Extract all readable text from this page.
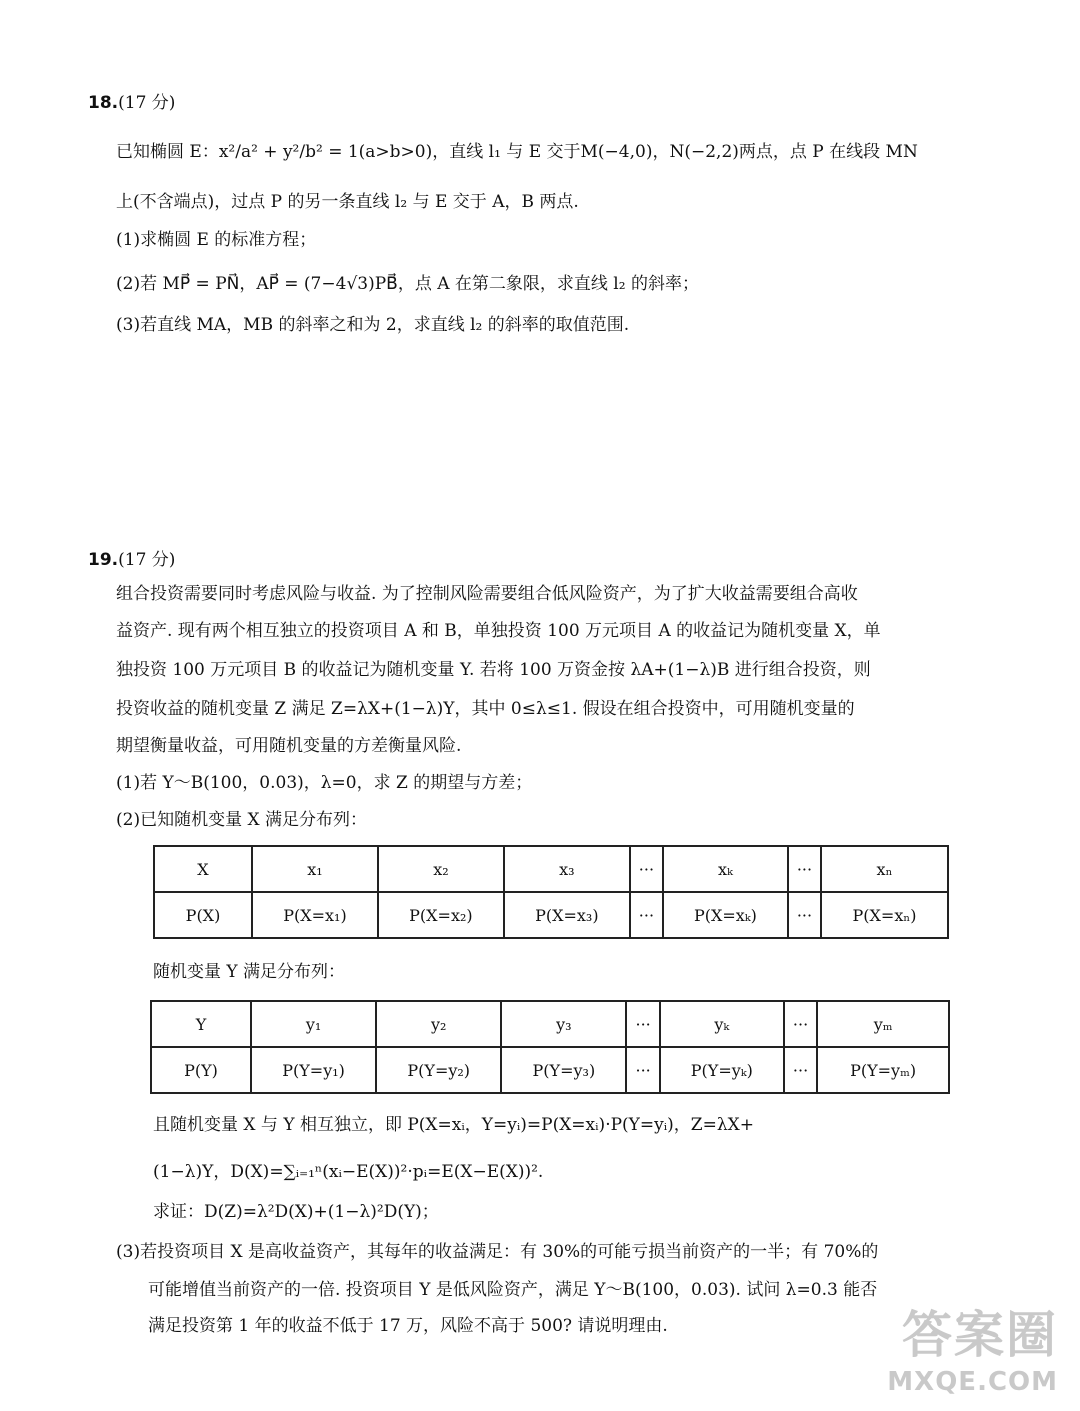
18.(17 分)
已知椭圆 E：x²/a² + y²/b² = 1(a>b>0)，直线 l₁ 与 E 交于M(−4,0)，N(−2,2)两点，点 P 在线段 MN
上(不含端点)，过点 P 的另一条直线 l₂ 与 E 交于 A，B 两点.
(1)求椭圆 E 的标准方程；
(2)若 MP⃗ = PN⃗，AP⃗ = (7−4√3)PB⃗，点 A 在第二象限，求直线 l₂ 的斜率；
(3)若直线 MA，MB 的斜率之和为 2，求直线 l₂ 的斜率的取值范围.
19.(17 分)
组合投资需要同时考虑风险与收益. 为了控制风险需要组合低风险资产，为了扩大收益需要组合高收
益资产. 现有两个相互独立的投资项目 A 和 B，单独投资 100 万元项目 A 的收益记为随机变量 X，单
独投资 100 万元项目 B 的收益记为随机变量 Y. 若将 100 万资金按 λA+(1−λ)B 进行组合投资，则
投资收益的随机变量 Z 满足 Z=λX+(1−λ)Y，其中 0≤λ≤1. 假设在组合投资中，可用随机变量的
期望衡量收益，可用随机变量的方差衡量风险.
(1)若 Y～B(100，0.03)，λ=0，求 Z 的期望与方差；
(2)已知随机变量 X 满足分布列：
X	x₁	x₂	x₃	···	xₖ	···	xₙ
P(X)	P(X=x₁)	P(X=x₂)	P(X=x₃)	···	P(X=xₖ)	···	P(X=xₙ)
随机变量 Y 满足分布列：
Y	y₁	y₂	y₃	···	yₖ	···	yₘ
P(Y)	P(Y=y₁)	P(Y=y₂)	P(Y=y₃)	···	P(Y=yₖ)	···	P(Y=yₘ)
且随机变量 X 与 Y 相互独立，即 P(X=xᵢ，Y=yᵢ)=P(X=xᵢ)·P(Y=yᵢ)，Z=λX+
(1−λ)Y，D(X)=∑ᵢ₌₁ⁿ(xᵢ−E(X))²·pᵢ=E(X−E(X))².
求证：D(Z)=λ²D(X)+(1−λ)²D(Y)；
(3)若投资项目 X 是高收益资产，其每年的收益满足：有 30%的可能亏损当前资产的一半；有 70%的
可能增值当前资产的一倍. 投资项目 Y 是低风险资产，满足 Y～B(100，0.03). 试问 λ=0.3 能否
满足投资第 1 年的收益不低于 17 万，风险不高于 500? 请说明理由.	答案圈
MXQE.COM
